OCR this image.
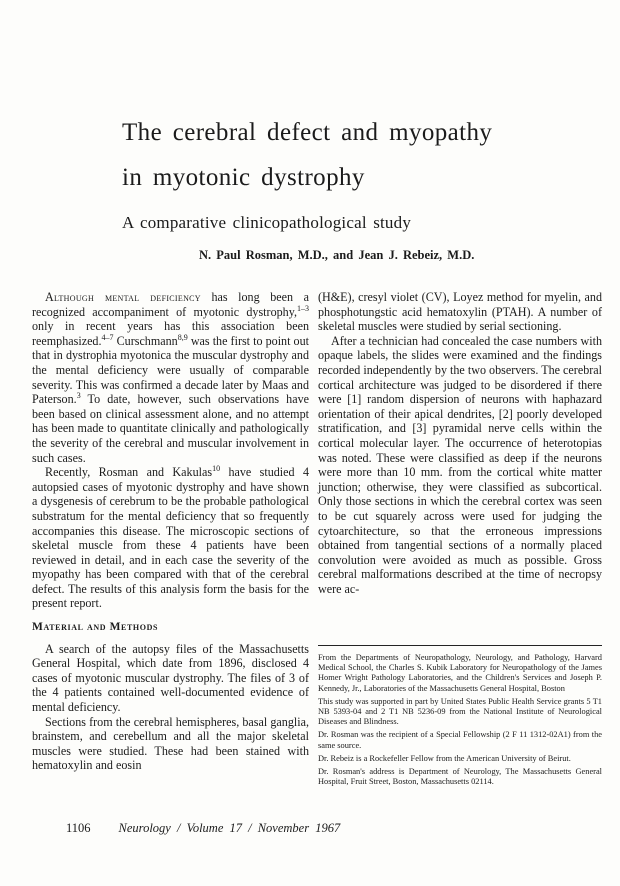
The cerebral defect and myopathy
in myotonic dystrophy
A comparative clinicopathological study
N. Paul Rosman, M.D., and Jean J. Rebeiz, M.D.

Although mental deficiency has long been a recognized accompaniment of myotonic dystrophy,$^{1-3}$ only in recent years has this association been reemphasized.$^{4-7}$ Curschmann$^{8,9}$ was the first to point out that in dystrophia myotonica the muscular dystrophy and the mental deficiency were usually of comparable severity. This was confirmed a decade later by Maas and Paterson.$^3$ To date, however, such observations have been based on clinical assessment alone, and no attempt has been made to quantitate clinically and pathologically the severity of the cerebral and muscular involvement in such cases.

Recently, Rosman and Kakulas$^{10}$ have studied 4 autopsied cases of myotonic dystrophy and have shown a dysgenesis of cerebrum to be the probable pathological substratum for the mental deficiency that so frequently accompanies this disease. The microscopic sections of skeletal muscle from these 4 patients have been reviewed in detail, and in each case the severity of the myopathy has been compared with that of the cerebral defect. The results of this analysis form the basis for the present report.

Material and Methods

A search of the autopsy files of the Massachusetts General Hospital, which date from 1896, disclosed 4 cases of myotonic muscular dystrophy. The files of 3 of the 4 patients contained well-documented evidence of mental deficiency.

Sections from the cerebral hemispheres, basal ganglia, brainstem, and cerebellum and all the major skeletal muscles were studied. These had been stained with hematoxylin and eosin

(H&E), cresyl violet (CV), Loyez method for myelin, and phosphotungstic acid hematoxylin (PTAH). A number of skeletal muscles were studied by serial sectioning.

After a technician had concealed the case numbers with opaque labels, the slides were examined and the findings recorded independently by the two observers. The cerebral cortical architecture was judged to be disordered if there were [1] random dispersion of neurons with haphazard orientation of their apical dendrites, [2] poorly developed stratification, and [3] pyramidal nerve cells within the cortical molecular layer. The occurrence of heterotopias was noted. These were classified as deep if the neurons were more than 10 mm. from the cortical white matter junction; otherwise, they were classified as subcortical. Only those sections in which the cerebral cortex was seen to be cut squarely across were used for judging the cytoarchitecture, so that the erroneous impressions obtained from tangential sections of a normally placed convolution were avoided as much as possible. Gross cerebral malformations described at the time of necropsy were ac-

From the Departments of Neuropathology, Neurology, and Pathology, Harvard Medical School, the Charles S. Kubik Laboratory for Neuropathology of the James Homer Wright Pathology Laboratories, and the Children's Services and Joseph P. Kennedy, Jr., Laboratories of the Massachusetts General Hospital, Boston

This study was supported in part by United States Public Health Service grants 5 T1 NB 5393-04 and 2 T1 NB 5236-09 from the National Institute of Neurological Diseases and Blindness.

Dr. Rosman was the recipient of a Special Fellowship (2 F 11 1312-02A1) from the same source.

Dr. Rebeiz is a Rockefeller Fellow from the American University of Beirut.

Dr. Rosman's address is Department of Neurology, The Massachusetts General Hospital, Fruit Street, Boston, Massachusetts 02114.

1106 Neurology / Volume 17 / November 1967
